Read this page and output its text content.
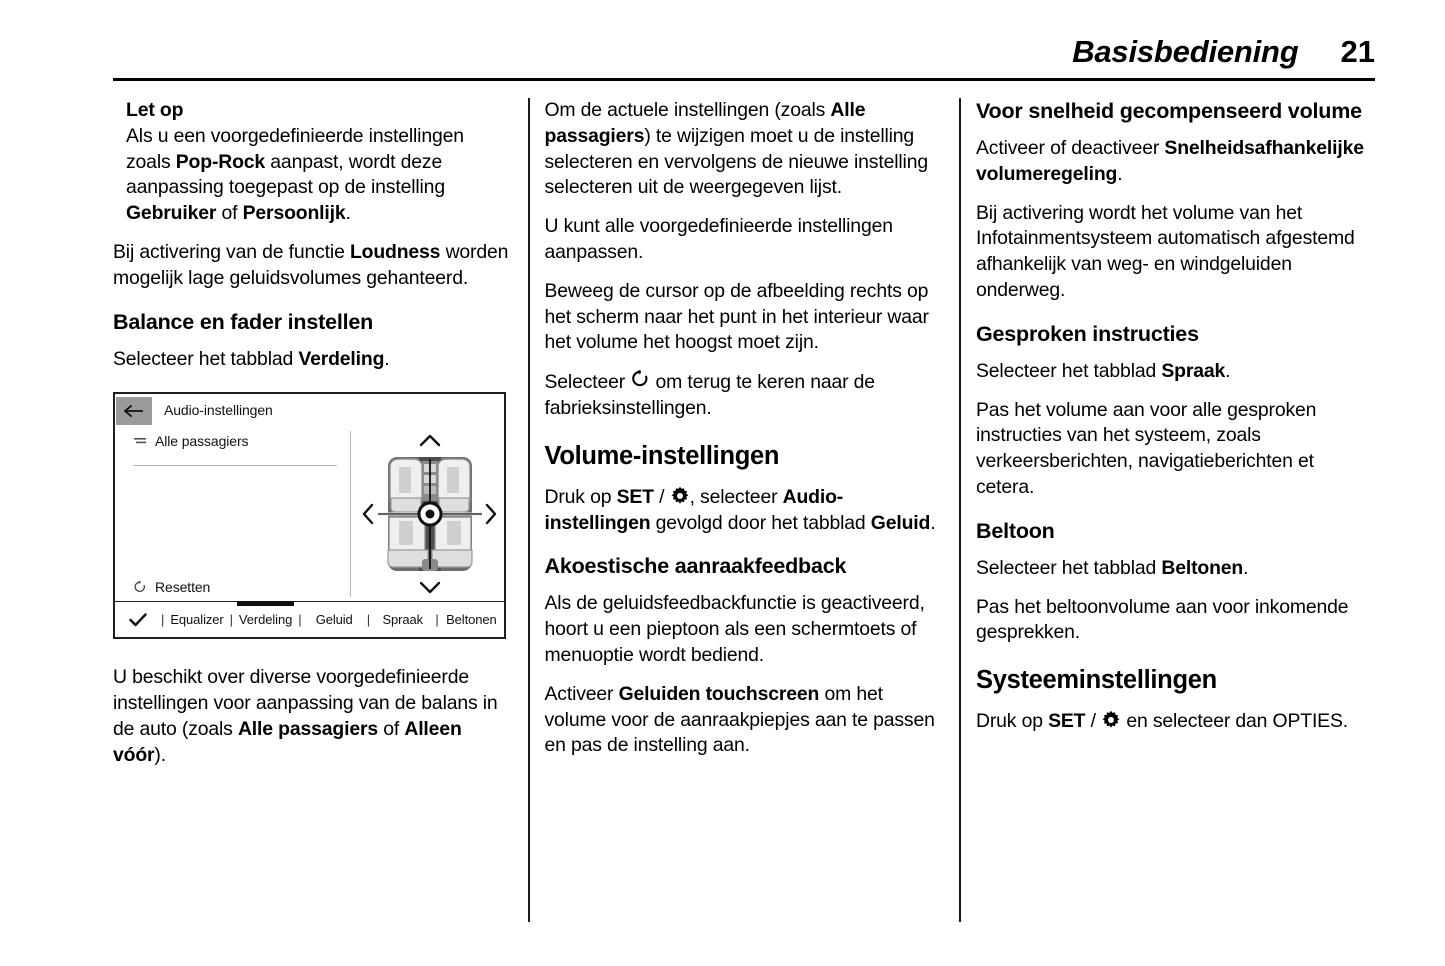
Basisbediening 21
Let op

Als u een voorgedefinieerde instellingen zoals Pop-Rock aanpast, wordt deze aanpassing toegepast op de instelling Gebruiker of Persoonlijk.

Bij activering van de functie Loudness worden mogelijk lage geluidsvolumes gehanteerd.

Balance en fader instellen

Selecteer het tabblad Verdeling.

Audio-instellingen
Alle passagiers
Resetten
| Equalizer | Verdeling | Geluid | Spraak | Beltonen

U beschikt over diverse voorgedefinieerde instellingen voor aanpassing van de balans in de auto (zoals Alle passagiers of Alleen vóór).

Om de actuele instellingen (zoals Alle passagiers) te wijzigen moet u de instelling selecteren en vervolgens de nieuwe instelling selecteren uit de weergegeven lijst.

U kunt alle voorgedefinieerde instellingen aanpassen.

Beweeg de cursor op de afbeelding rechts op het scherm naar het punt in het interieur waar het volume het hoogst moet zijn.

Selecteer  om terug te keren naar de fabrieksinstellingen.

Volume-instellingen

Druk op SET / , selecteer Audio-instellingen gevolgd door het tabblad Geluid.

Akoestische aanraakfeedback

Als de geluidsfeedbackfunctie is geactiveerd, hoort u een pieptoon als een schermtoets of menuoptie wordt bediend.

Activeer Geluiden touchscreen om het volume voor de aanraakpiepjes aan te passen en pas de instelling aan.

Voor snelheid gecompenseerd volume

Activeer of deactiveer Snelheidsafhankelijke volumeregeling.

Bij activering wordt het volume van het Infotainmentsysteem automatisch afgestemd afhankelijk van weg- en windgeluiden onderweg.

Gesproken instructies

Selecteer het tabblad Spraak.

Pas het volume aan voor alle gesproken instructies van het systeem, zoals verkeersberichten, navigatieberichten et cetera.

Beltoon

Selecteer het tabblad Beltonen.

Pas het beltoonvolume aan voor inkomende gesprekken.

Systeeminstellingen

Druk op SET /  en selecteer dan OPTIES.
